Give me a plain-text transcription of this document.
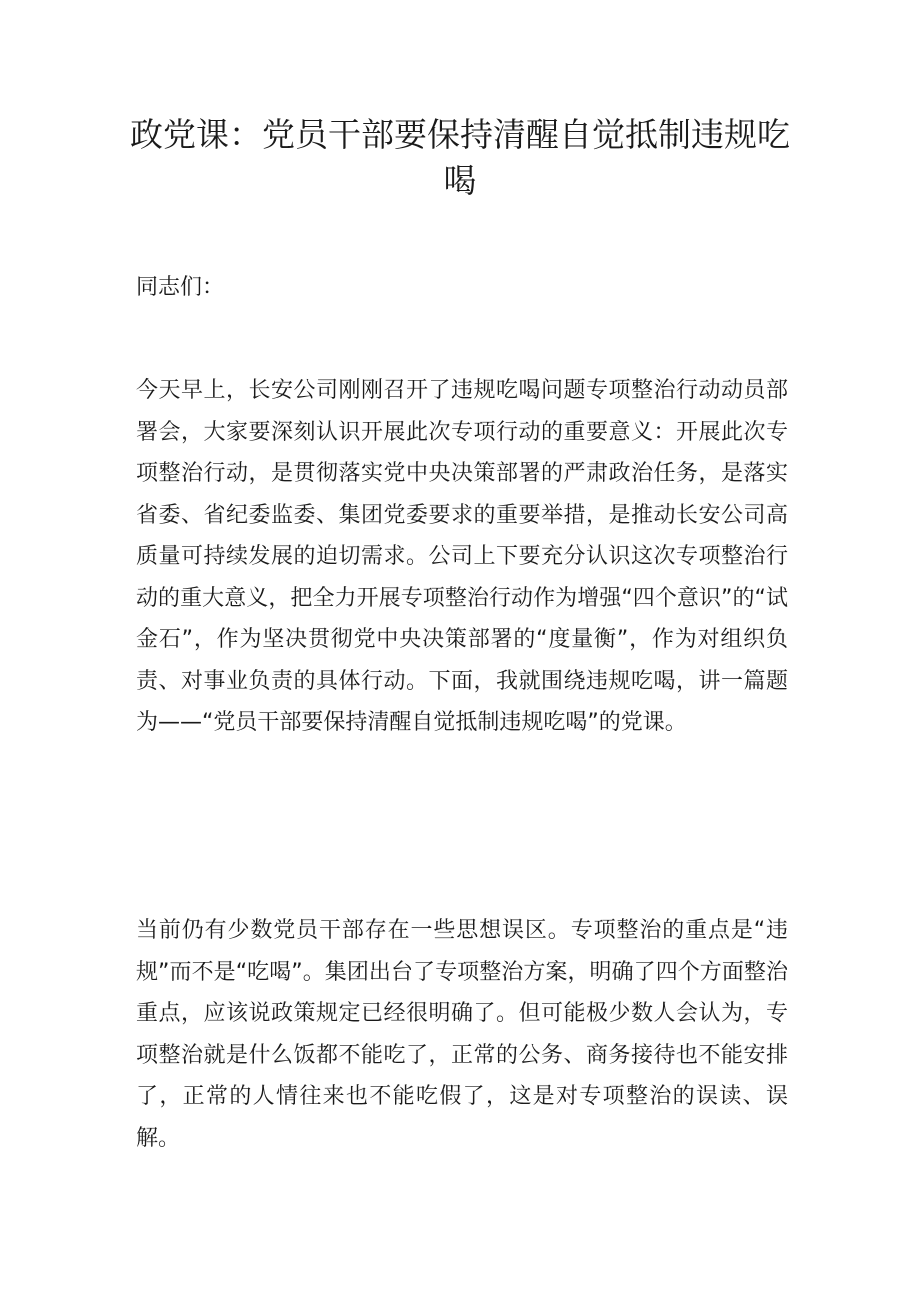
政党课：党员干部要保持清醒自觉抵制违规吃喝

同志们：

今天早上，长安公司刚刚召开了违规吃喝问题专项整治行动动员部署会，大家要深刻认识开展此次专项行动的重要意义：开展此次专项整治行动，是贯彻落实党中央决策部署的严肃政治任务，是落实省委、省纪委监委、集团党委要求的重要举措，是推动长安公司高质量可持续发展的迫切需求。公司上下要充分认识这次专项整治行动的重大意义，把全力开展专项整治行动作为增强“四个意识”的“试金石”，作为坚决贯彻党中央决策部署的“度量衡”，作为对组织负责、对事业负责的具体行动。下面，我就围绕违规吃喝，讲一篇题为——“党员干部要保持清醒自觉抵制违规吃喝”的党课。

当前仍有少数党员干部存在一些思想误区。专项整治的重点是“违规”而不是“吃喝”。集团出台了专项整治方案，明确了四个方面整治重点，应该说政策规定已经很明确了。但可能极少数人会认为，专项整治就是什么饭都不能吃了，正常的公务、商务接待也不能安排了，正常的人情往来也不能吃假了，这是对专项整治的误读、误解。
